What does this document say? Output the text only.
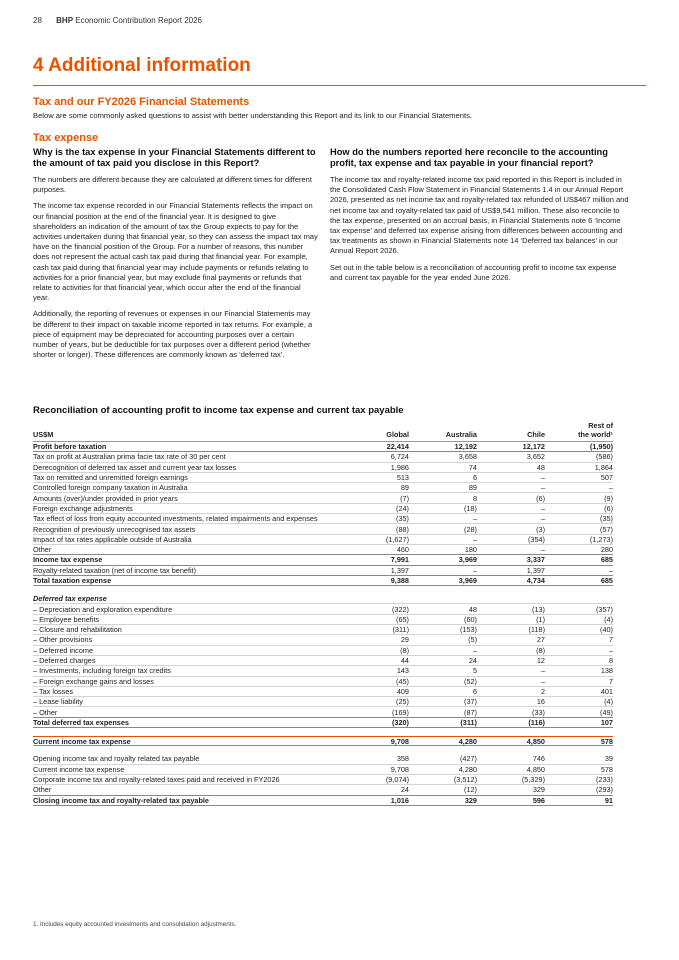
28 BHP Economic Contribution Report 2026
4 Additional information
Tax and our FY2026 Financial Statements
Below are some commonly asked questions to assist with better understanding this Report and its link to our Financial Statements.
Tax expense
Why is the tax expense in your Financial Statements different to the amount of tax paid you disclose in this Report?

The numbers are different because they are calculated at different times for different purposes.

The income tax expense recorded in our Financial Statements reflects the impact on our financial position at the end of the financial year. It is designed to give shareholders an indication of the amount of tax the Group expects to pay for the activities undertaken during that financial year, so they can assess the impact tax may have on the financial position of the Group. For a number of reasons, this number does not represent the actual cash tax paid during that financial year. For example, cash tax paid during that financial year may include payments or refunds relating to activities for a prior financial year, but may exclude final payments or refunds that relate to activities for that financial year, which occur after the end of the financial year.

Additionally, the reporting of revenues or expenses in our Financial Statements may be different to their impact on taxable income reported in tax returns. For example, a piece of equipment may be depreciated for accounting purposes over a certain number of years, but be deductible for tax purposes over a different period (whether shorter or longer). These differences are commonly known as ‘deferred tax’.

How do the numbers reported here reconcile to the accounting profit, tax expense and tax payable in your financial report?

The income tax and royalty-related income tax paid reported in this Report is included in the Consolidated Cash Flow Statement in Financial Statements 1.4 in our Annual Report 2026, presented as net income tax and royalty-related tax refunded of US$467 million and net income tax and royalty-related tax paid of US$9,541 million. These also reconcile to the tax expense, presented on an accrual basis, in Financial Statements note 6 ‘Income tax expense’ and deferred tax expense arising from differences between accounting and tax treatments as shown in Financial Statements note 14 ‘Deferred tax balances’ in our Annual Report 2026.

Set out in the table below is a reconciliation of accounting profit to income tax expense and current tax payable for the year ended June 2026.

Reconciliation of accounting profit to income tax expense and current tax payable
US$M	Global	Australia	Chile
Rest of
the world¹
Profit before taxation	22,414	12,192	12,172	(1,950)
Tax on profit at Australian prima facie tax rate of 30 per cent	6,724	3,658	3,652	(586)
Derecognition of deferred tax asset and current year tax losses	1,986	74	48	1,864
Tax on remitted and unremitted foreign earnings	513	6	–	507
Controlled foreign company taxation in Australia	89	89	–	–
Amounts (over)/under provided in prior years	(7)	8	(6)	(9)
Foreign exchange adjustments	(24)	(18)	–	(6)
Tax effect of loss from equity accounted investments, related impairments and expenses	(35)	–	–	(35)
Recognition of previously unrecognised tax assets	(88)	(28)	(3)	(57)
Impact of tax rates applicable outside of Australia	(1,627)	–	(354)	(1,273)
Other	460	180	–	280
Income tax expense	7,991	3,969	3,337	685
Royalty-related taxation (net of income tax benefit)	1,397	–	1,397	–
Total taxation expense	9,388	3,969	4,734	685
Deferred tax expense
– Depreciation and exploration expenditure	(322)	48	(13)	(357)
– Employee benefits	(65)	(60)	(1)	(4)
– Closure and rehabilitation	(311)	(153)	(118)	(40)
– Other provisions	29	(5)	27	7
– Deferred income	(8)	–	(8)	–
– Deferred charges	44	24	12	8
– Investments, including foreign tax credits	143	5	–	138
– Foreign exchange gains and losses	(45)	(52)	–	7
– Tax losses	409	6	2	401
– Lease liability	(25)	(37)	16	(4)
– Other	(169)	(87)	(33)	(49)
Total deferred tax expenses	(320)	(311)	(116)	107
Current income tax expense	9,708	4,280	4,850	578
Opening income tax and royalty related tax payable	358	(427)	746	39
Current income tax expense	9,708	4,280	4,850	578
Corporate income tax and royalty-related taxes paid and received in FY2026	(9,074)	(3,512)	(5,329)	(233)
Other	24	(12)	329	(293)
Closing income tax and royalty-related tax payable	1,016	329	596	91
1. Includes equity accounted investments and consolidation adjustments.
